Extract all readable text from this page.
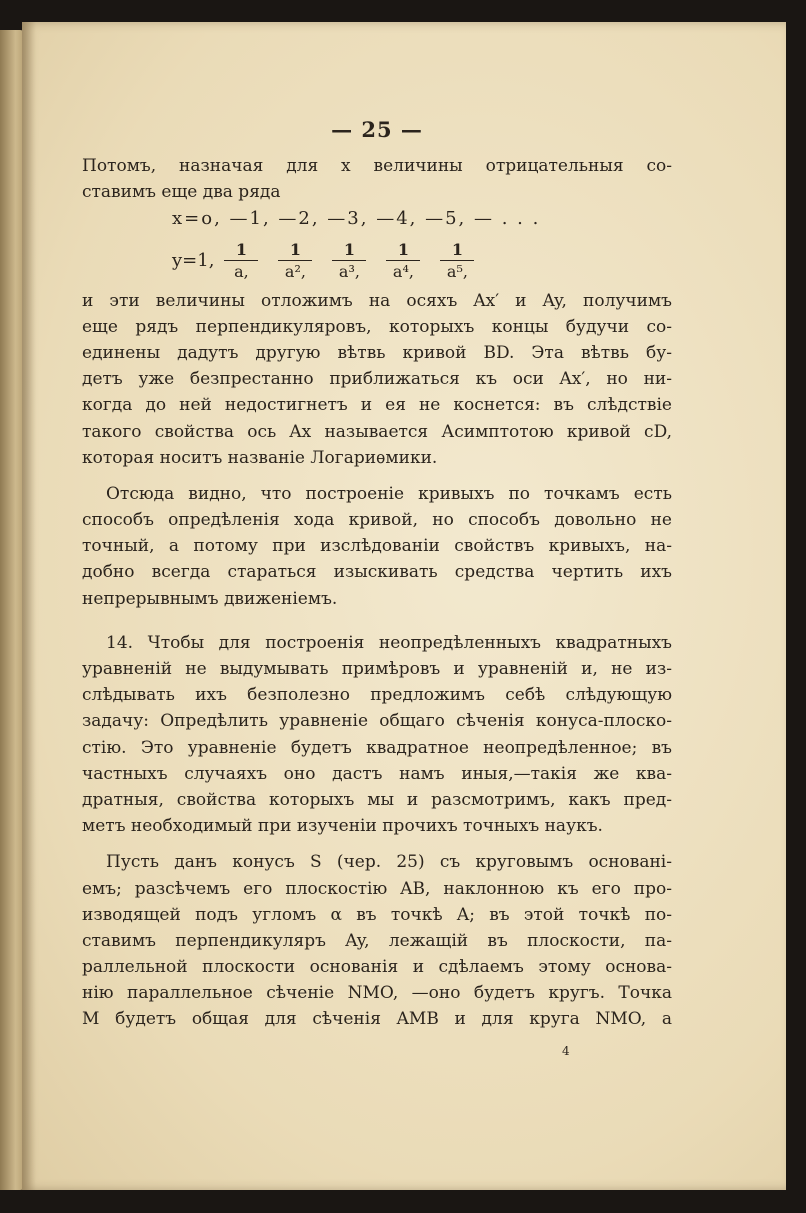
— 25 —
Потомъ, назначая для x величины отрицательныя со-
ставимъ еще два ряда
x=o, —1, —2, —3, —4, —5, — . . .
y=1, $\frac{1}{a,} \frac{1}{\text{a²,}} \frac{1}{\text{a³,}} \frac{1}{\text{a⁴,}} \frac{1}{\text{a⁵,}}$
и эти величины отложимъ на осяхъ Ax′ и Ay, получимъ
еще рядъ перпендикуляровъ, которыхъ концы будучи со-
единены дадутъ другую вѣтвь кривой BD. Эта вѣтвь бу-
детъ уже безпрестанно приближаться къ оси Ax′, но ни-
когда до ней недостигнетъ и ея не коснется: въ слѣдствіе
такого свойства ось Ax называется Асимптотою кривой cD,
которая носитъ названіе Логариѳмики.
Отсюда видно, что построеніе кривыхъ по точкамъ есть
способъ опредѣленія хода кривой, но способъ довольно не
точный, а потому при изслѣдованіи свойствъ кривыхъ, на-
добно всегда стараться изыскивать средства чертить ихъ
непрерывнымъ движеніемъ.
14. Чтобы для построенія неопредѣленныхъ квадратныхъ
уравненій не выдумывать примѣровъ и уравненій и, не из-
слѣдывать ихъ безполезно предложимъ себѣ слѣдующую
задачу: Опредѣлить уравненіе общаго сѣченія конуса-плоско-
стію. Это уравненіе будетъ квадратное неопредѣленное; въ
частныхъ случаяхъ оно дастъ намъ иныя,—такія же ква-
дратныя, свойства которыхъ мы и разсмотримъ, какъ пред-
метъ необходимый при изученіи прочихъ точныхъ наукъ.
Пусть данъ конусъ S (чер. 25) съ круговымъ основані-
емъ; разсѣчемъ его плоскостію AB, наклонною къ его про-
изводящей подъ угломъ α въ точкѣ A; въ этой точкѣ по-
ставимъ перпендикуляръ Ay, лежащій въ плоскости, па-
раллельной плоскости основанія и сдѣлаемъ этому основа-
нію параллельное сѣченіе NMO, —оно будетъ кругъ. Точка
M будетъ общая для сѣченія AMB и для круга NMO, а
4
